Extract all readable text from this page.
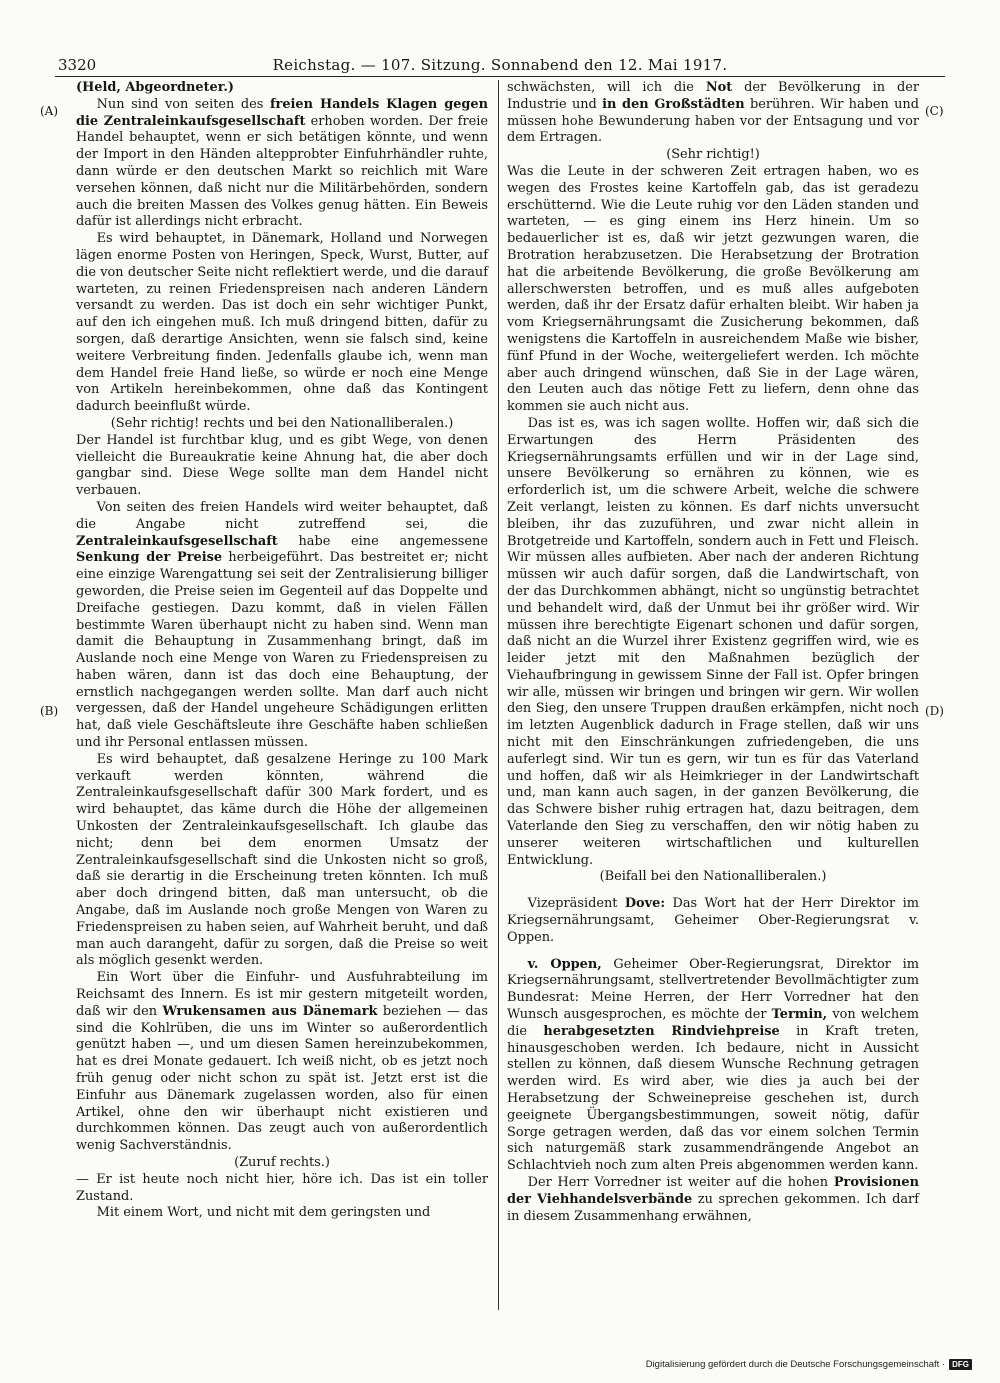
3320	Reichstag. — 107. Sitzung. Sonnabend den 12. Mai 1917.
(A)
(B)
(C)
(D)

(Held, Abgeordneter.)

Nun sind von seiten des freien Handels Klagen gegen die Zentraleinkaufsgesellschaft erhoben worden. Der freie Handel behauptet, wenn er sich betätigen könnte, und wenn der Import in den Händen altерprobter Einfuhrhändler ruhte, dann würde er den deutschen Markt so reichlich mit Ware versehen können, daß nicht nur die Militärbehörden, sondern auch die breiten Massen des Volkes genug hätten. Ein Beweis dafür ist allerdings nicht erbracht.

Es wird behauptet, in Dänemark, Holland und Norwegen lägen enorme Posten von Heringen, Speck, Wurst, Butter, auf die von deutscher Seite nicht reflektiert werde, und die darauf warteten, zu reinen Friedenspreisen nach anderen Ländern versandt zu werden. Das ist doch ein sehr wichtiger Punkt, auf den ich eingehen muß. Ich muß dringend bitten, dafür zu sorgen, daß derartige Ansichten, wenn sie falsch sind, keine weitere Verbreitung finden. Jedenfalls glaube ich, wenn man dem Handel freie Hand ließe, so würde er noch eine Menge von Artikeln hereinbekommen, ohne daß das Kontingent dadurch beeinflußt würde.

(Sehr richtig! rechts und bei den Nationalliberalen.)

Der Handel ist furchtbar klug, und es gibt Wege, von denen vielleicht die Bureaukratie keine Ahnung hat, die aber doch gangbar sind. Diese Wege sollte man dem Handel nicht verbauen.

Von seiten des freien Handels wird weiter behauptet, daß die Angabe nicht zutreffend sei, die Zentraleinkaufsgesellschaft habe eine angemessene Senkung der Preise herbeigeführt. Das bestreitet er; nicht eine einzige Warengattung sei seit der Zentralisierung billiger geworden, die Preise seien im Gegenteil auf das Doppelte und Dreifache gestiegen. Dazu kommt, daß in vielen Fällen bestimmte Waren überhaupt nicht zu haben sind. Wenn man damit die Behauptung in Zusammenhang bringt, daß im Auslande noch eine Menge von Waren zu Friedenspreisen zu haben wären, dann ist das doch eine Behauptung, der ernstlich nachgegangen werden sollte. Man darf auch nicht vergessen, daß der Handel ungeheure Schädigungen erlitten hat, daß viele Geschäftsleute ihre Geschäfte haben schließen und ihr Personal entlassen müssen.

Es wird behauptet, daß gesalzene Heringe zu 100 Mark verkauft werden könnten, während die Zentraleinkaufsgesellschaft dafür 300 Mark fordert, und es wird behauptet, das käme durch die Höhe der allgemeinen Unkosten der Zentraleinkaufsgesellschaft. Ich glaube das nicht; denn bei dem enormen Umsatz der Zentraleinkaufsgesellschaft sind die Unkosten nicht so groß, daß sie derartig in die Erscheinung treten könnten. Ich muß aber doch dringend bitten, daß man untersucht, ob die Angabe, daß im Auslande noch große Mengen von Waren zu Friedenspreisen zu haben seien, auf Wahrheit beruht, und daß man auch darangeht, dafür zu sorgen, daß die Preise so weit als möglich gesenkt werden.

Ein Wort über die Einfuhr- und Ausfuhrabteilung im Reichsamt des Innern. Es ist mir gestern mitgeteilt worden, daß wir den Wrukensamen aus Dänemark beziehen — das sind die Kohlrüben, die uns im Winter so außerordentlich genützt haben —, und um diesen Samen hereinzubekommen, hat es drei Monate gedauert. Ich weiß nicht, ob es jetzt noch früh genug oder nicht schon zu spät ist. Jetzt erst ist die Einfuhr aus Dänemark zugelassen worden, also für einen Artikel, ohne den wir überhaupt nicht existieren und durchkommen können. Das zeugt auch von außerordentlich wenig Sachverständnis.

(Zuruf rechts.)

— Er ist heute noch nicht hier, höre ich. Das ist ein toller Zustand.

Mit einem Wort, und nicht mit dem geringsten und

schwächsten, will ich die Not der Bevölkerung in der Industrie und in den Großstädten berühren. Wir haben und müssen hohe Bewunderung haben vor der Entsagung und vor dem Ertragen.

(Sehr richtig!)

Was die Leute in der schweren Zeit ertragen haben, wo es wegen des Frostes keine Kartoffeln gab, das ist geradezu erschütternd. Wie die Leute ruhig vor den Läden standen und warteten, — es ging einem ins Herz hinein. Um so bedauerlicher ist es, daß wir jetzt gezwungen waren, die Brotration herabzusetzen. Die Herabsetzung der Brotration hat die arbeitende Bevölkerung, die große Bevölkerung am allerschwersten betroffen, und es muß alles aufgeboten werden, daß ihr der Ersatz dafür erhalten bleibt. Wir haben ja vom Kriegsernährungsamt die Zusicherung bekommen, daß wenigstens die Kartoffeln in ausreichendem Maße wie bisher, fünf Pfund in der Woche, weitergeliefert werden. Ich möchte aber auch dringend wünschen, daß Sie in der Lage wären, den Leuten auch das nötige Fett zu liefern, denn ohne das kommen sie auch nicht aus.

Das ist es, was ich sagen wollte. Hoffen wir, daß sich die Erwartungen des Herrn Präsidenten des Kriegsernährungsamts erfüllen und wir in der Lage sind, unsere Bevölkerung so ernähren zu können, wie es erforderlich ist, um die schwere Arbeit, welche die schwere Zeit verlangt, leisten zu können. Es darf nichts unversucht bleiben, ihr das zuzuführen, und zwar nicht allein in Brotgetreide und Kartoffeln, sondern auch in Fett und Fleisch. Wir müssen alles aufbieten. Aber nach der anderen Richtung müssen wir auch dafür sorgen, daß die Landwirtschaft, von der das Durchkommen abhängt, nicht so ungünstig betrachtet und behandelt wird, daß der Unmut bei ihr größer wird. Wir müssen ihre berechtigte Eigenart schonen und dafür sorgen, daß nicht an die Wurzel ihrer Existenz gegriffen wird, wie es leider jetzt mit den Maßnahmen bezüglich der Viehaufbringung in gewissem Sinne der Fall ist. Opfer bringen wir alle, müssen wir bringen und bringen wir gern. Wir wollen den Sieg, den unsere Truppen draußen erkämpfen, nicht noch im letzten Augenblick dadurch in Frage stellen, daß wir uns nicht mit den Einschränkungen zufriedengeben, die uns auferlegt sind. Wir tun es gern, wir tun es für das Vaterland und hoffen, daß wir als Heimkrieger in der Landwirtschaft und, man kann auch sagen, in der ganzen Bevölkerung, die das Schwere bisher ruhig ertragen hat, dazu beitragen, dem Vaterlande den Sieg zu verschaffen, den wir nötig haben zu unserer weiteren wirtschaftlichen und kulturellen Entwicklung.

(Beifall bei den Nationalliberalen.)

Vizepräsident Dove: Das Wort hat der Herr Direktor im Kriegsernährungsamt, Geheimer Ober-Regierungsrat v. Oppen.

v. Oppen, Geheimer Ober-Regierungsrat, Direktor im Kriegsernährungsamt, stellvertretender Bevollmächtigter zum Bundesrat: Meine Herren, der Herr Vorredner hat den Wunsch ausgesprochen, es möchte der Termin, von welchem die herabgesetzten Rindviehpreise in Kraft treten, hinausgeschoben werden. Ich bedaure, nicht in Aussicht stellen zu können, daß diesem Wunsche Rechnung getragen werden wird. Es wird aber, wie dies ja auch bei der Herabsetzung der Schweinepreise geschehen ist, durch geeignete Übergangsbestimmungen, soweit nötig, dafür Sorge getragen werden, daß das vor einem solchen Termin sich naturgemäß stark zusammendrängende Angebot an Schlachtvieh noch zum alten Preis abgenommen werden kann.

Der Herr Vorredner ist weiter auf die hohen Provisionen der Viehhandelsverbände zu sprechen gekommen. Ich darf in diesem Zusammenhang erwähnen,

Digitalisierung gefördert durch die Deutsche Forschungsgemeinschaft · DFG
